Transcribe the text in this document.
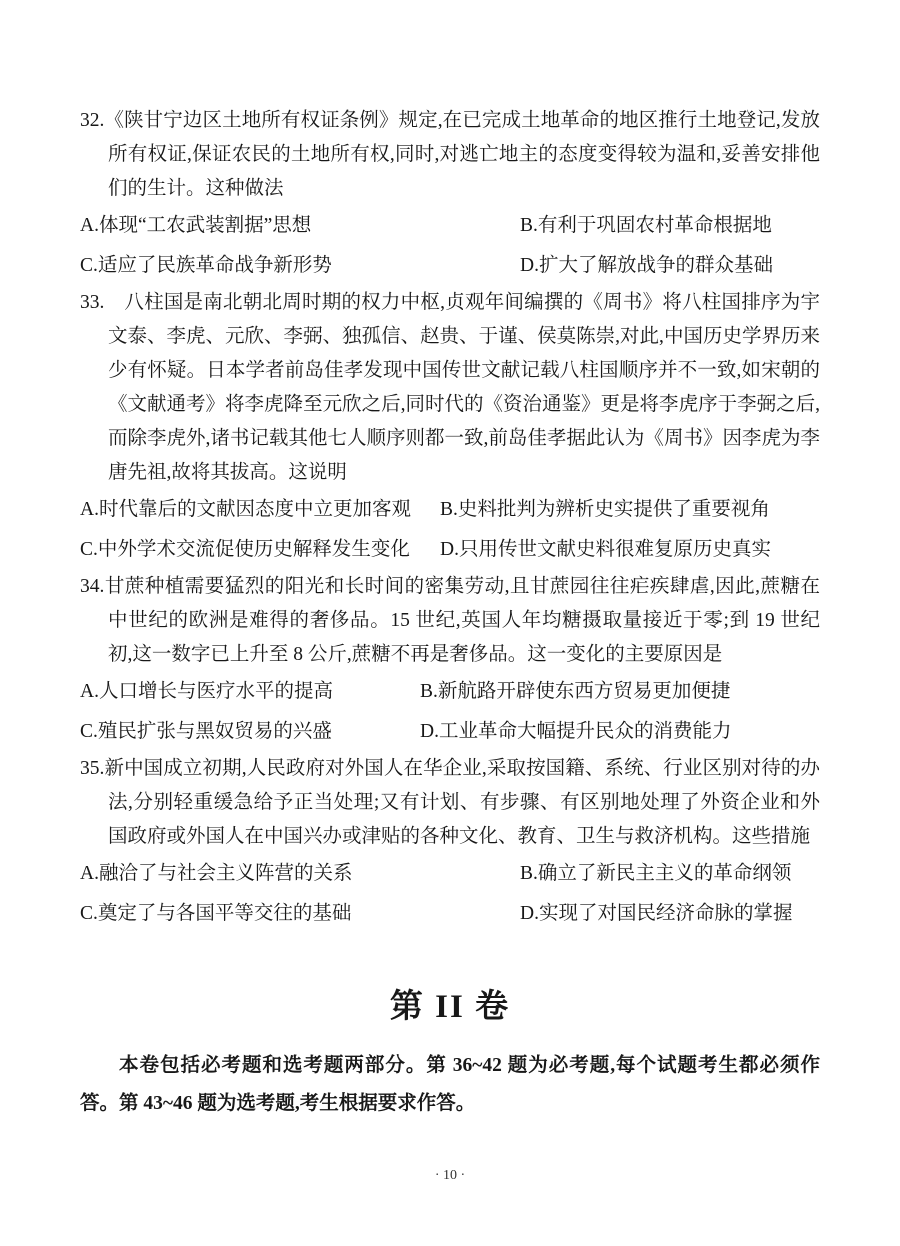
32.《陕甘宁边区土地所有权证条例》规定,在已完成土地革命的地区推行土地登记,发放所有权证,保证农民的土地所有权,同时,对逃亡地主的态度变得较为温和,妥善安排他们的生计。这种做法

A.体现“工农武装割据”思想	B.有利于巩固农村革命根据地
C.适应了民族革命战争新形势	D.扩大了解放战争的群众基础

33.　八柱国是南北朝北周时期的权力中枢,贞观年间编撰的《周书》将八柱国排序为宇文泰、李虎、元欣、李弼、独孤信、赵贵、于谨、侯莫陈崇,对此,中国历史学界历来少有怀疑。日本学者前岛佳孝发现中国传世文献记载八柱国顺序并不一致,如宋朝的《文献通考》将李虎降至元欣之后,同时代的《资治通鉴》更是将李虎序于李弼之后,而除李虎外,诸书记载其他七人顺序则都一致,前岛佳孝据此认为《周书》因李虎为李唐先祖,故将其拔高。这说明

A.时代靠后的文献因态度中立更加客观	B.史料批判为辨析史实提供了重要视角
C.中外学术交流促使历史解释发生变化	D.只用传世文献史料很难复原历史真实

34.甘蔗种植需要猛烈的阳光和长时间的密集劳动,且甘蔗园往往疟疾肆虐,因此,蔗糖在中世纪的欧洲是难得的奢侈品。15 世纪,英国人年均糖摄取量接近于零;到 19 世纪初,这一数字已上升至 8 公斤,蔗糖不再是奢侈品。这一变化的主要原因是

A.人口增长与医疗水平的提高	B.新航路开辟使东西方贸易更加便捷
C.殖民扩张与黑奴贸易的兴盛	D.工业革命大幅提升民众的消费能力

35.新中国成立初期,人民政府对外国人在华企业,采取按国籍、系统、行业区别对待的办法,分别轻重缓急给予正当处理;又有计划、有步骤、有区别地处理了外资企业和外国政府或外国人在中国兴办或津贴的各种文化、教育、卫生与救济机构。这些措施

A.融洽了与社会主义阵营的关系	B.确立了新民主主义的革命纲领
C.奠定了与各国平等交往的基础	D.实现了对国民经济命脉的掌握
第 II 卷

本卷包括必考题和选考题两部分。第 36~42 题为必考题,每个试题考生都必须作答。第 43~46 题为选考题,考生根据要求作答。

· 10 ·
